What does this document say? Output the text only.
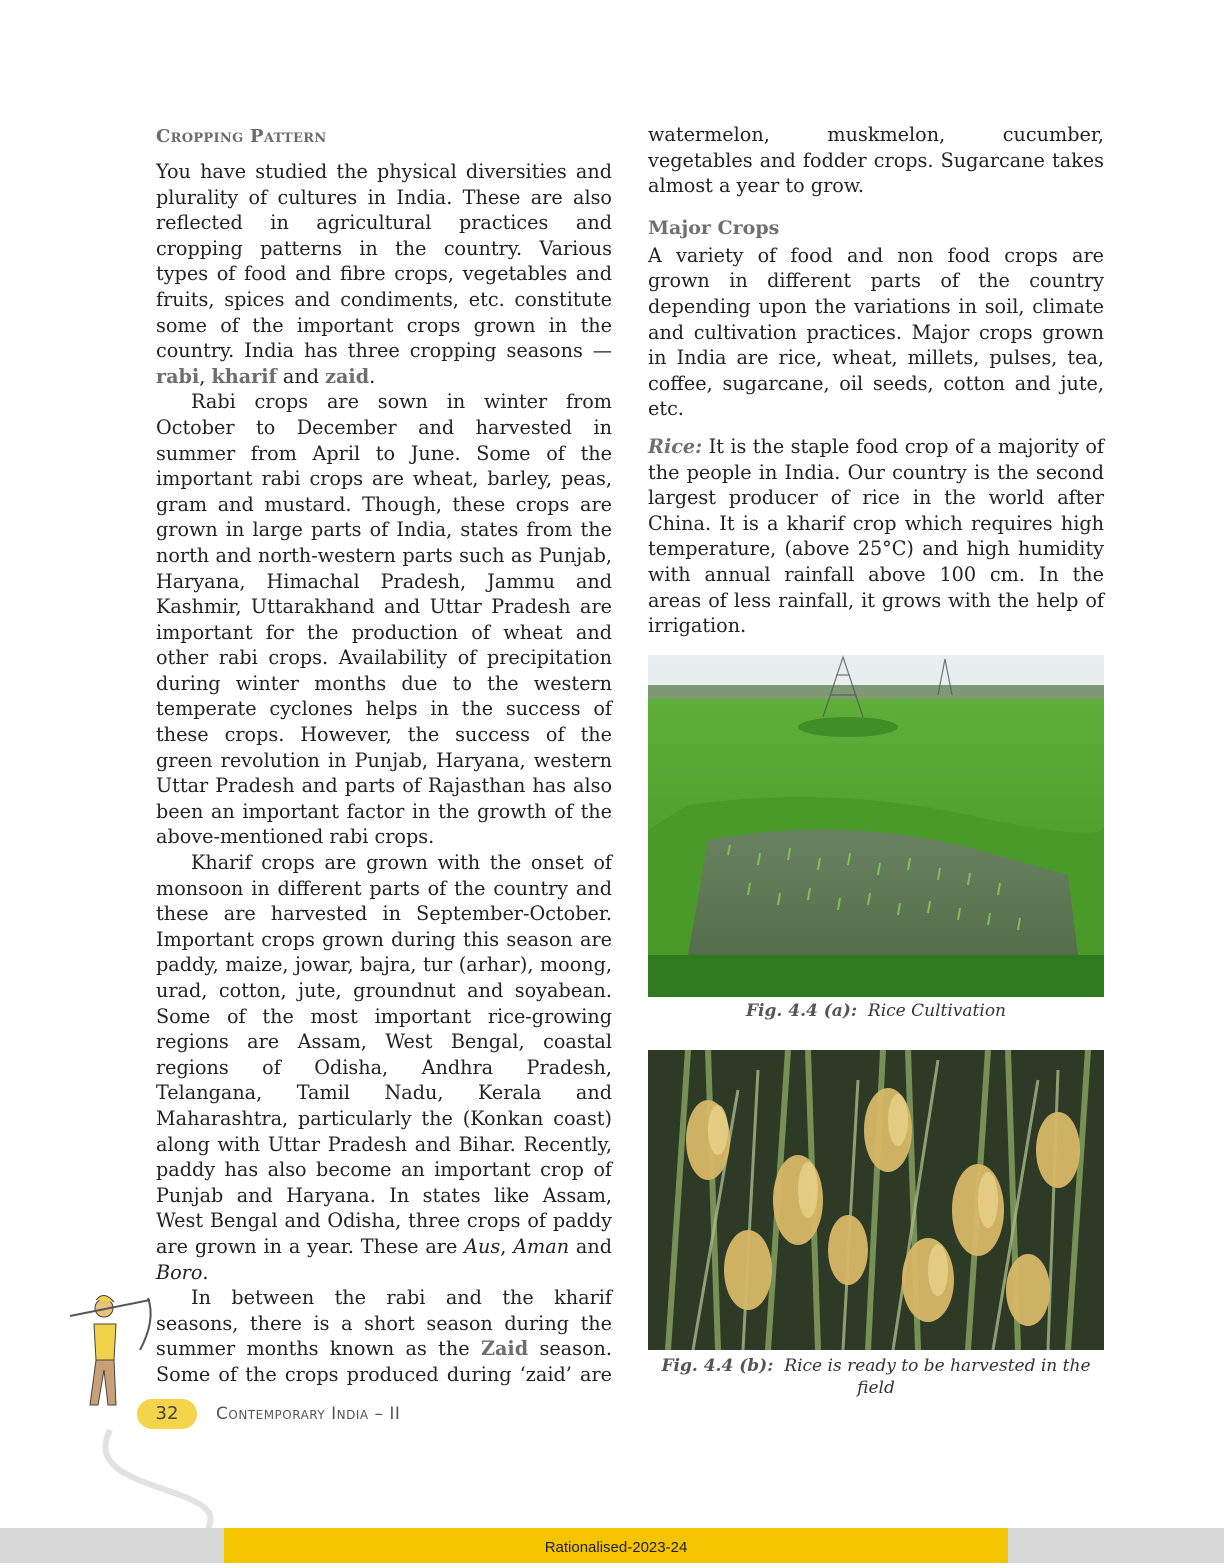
Cropping Pattern

You have studied the physical diversities and plurality of cultures in India. These are also reflected in agricultural practices and cropping patterns in the country. Various types of food and fibre crops, vegetables and fruits, spices and condiments, etc. constitute some of the important crops grown in the country. India has three cropping seasons — rabi, kharif and zaid.

Rabi crops are sown in winter from October to December and harvested in summer from April to June. Some of the important rabi crops are wheat, barley, peas, gram and mustard. Though, these crops are grown in large parts of India, states from the north and north-western parts such as Punjab, Haryana, Himachal Pradesh, Jammu and Kashmir, Uttarakhand and Uttar Pradesh are important for the production of wheat and other rabi crops. Availability of precipitation during winter months due to the western temperate cyclones helps in the success of these crops. However, the success of the green revolution in Punjab, Haryana, western Uttar Pradesh and parts of Rajasthan has also been an important factor in the growth of the above-mentioned rabi crops.

Kharif crops are grown with the onset of monsoon in different parts of the country and these are harvested in September-October. Important crops grown during this season are paddy, maize, jowar, bajra, tur (arhar), moong, urad, cotton, jute, groundnut and soyabean. Some of the most important rice-growing regions are Assam, West Bengal, coastal regions of Odisha, Andhra Pradesh, Telangana, Tamil Nadu, Kerala and Maharashtra, particularly the (Konkan coast) along with Uttar Pradesh and Bihar. Recently, paddy has also become an important crop of Punjab and Haryana. In states like Assam, West Bengal and Odisha, three crops of paddy are grown in a year. These are Aus, Aman and Boro.

In between the rabi and the kharif seasons, there is a short season during the summer months known as the Zaid season. Some of the crops produced during ‘zaid’ are

watermelon, muskmelon, cucumber, vegetables and fodder crops. Sugarcane takes almost a year to grow.

Major Crops

A variety of food and non food crops are grown in different parts of the country depending upon the variations in soil, climate and cultivation practices. Major crops grown in India are rice, wheat, millets, pulses, tea, coffee, sugarcane, oil seeds, cotton and jute, etc.

Rice: It is the staple food crop of a majority of the people in India. Our country is the second largest producer of rice in the world after China. It is a kharif crop which requires high temperature, (above 25°C) and high humidity with annual rainfall above 100 cm. In the areas of less rainfall, it grows with the help of irrigation.

Fig. 4.4 (a): Rice Cultivation
Fig. 4.4 (b): Rice is ready to be harvested in the field
32	Contemporary India – II
Rationalised-2023-24
